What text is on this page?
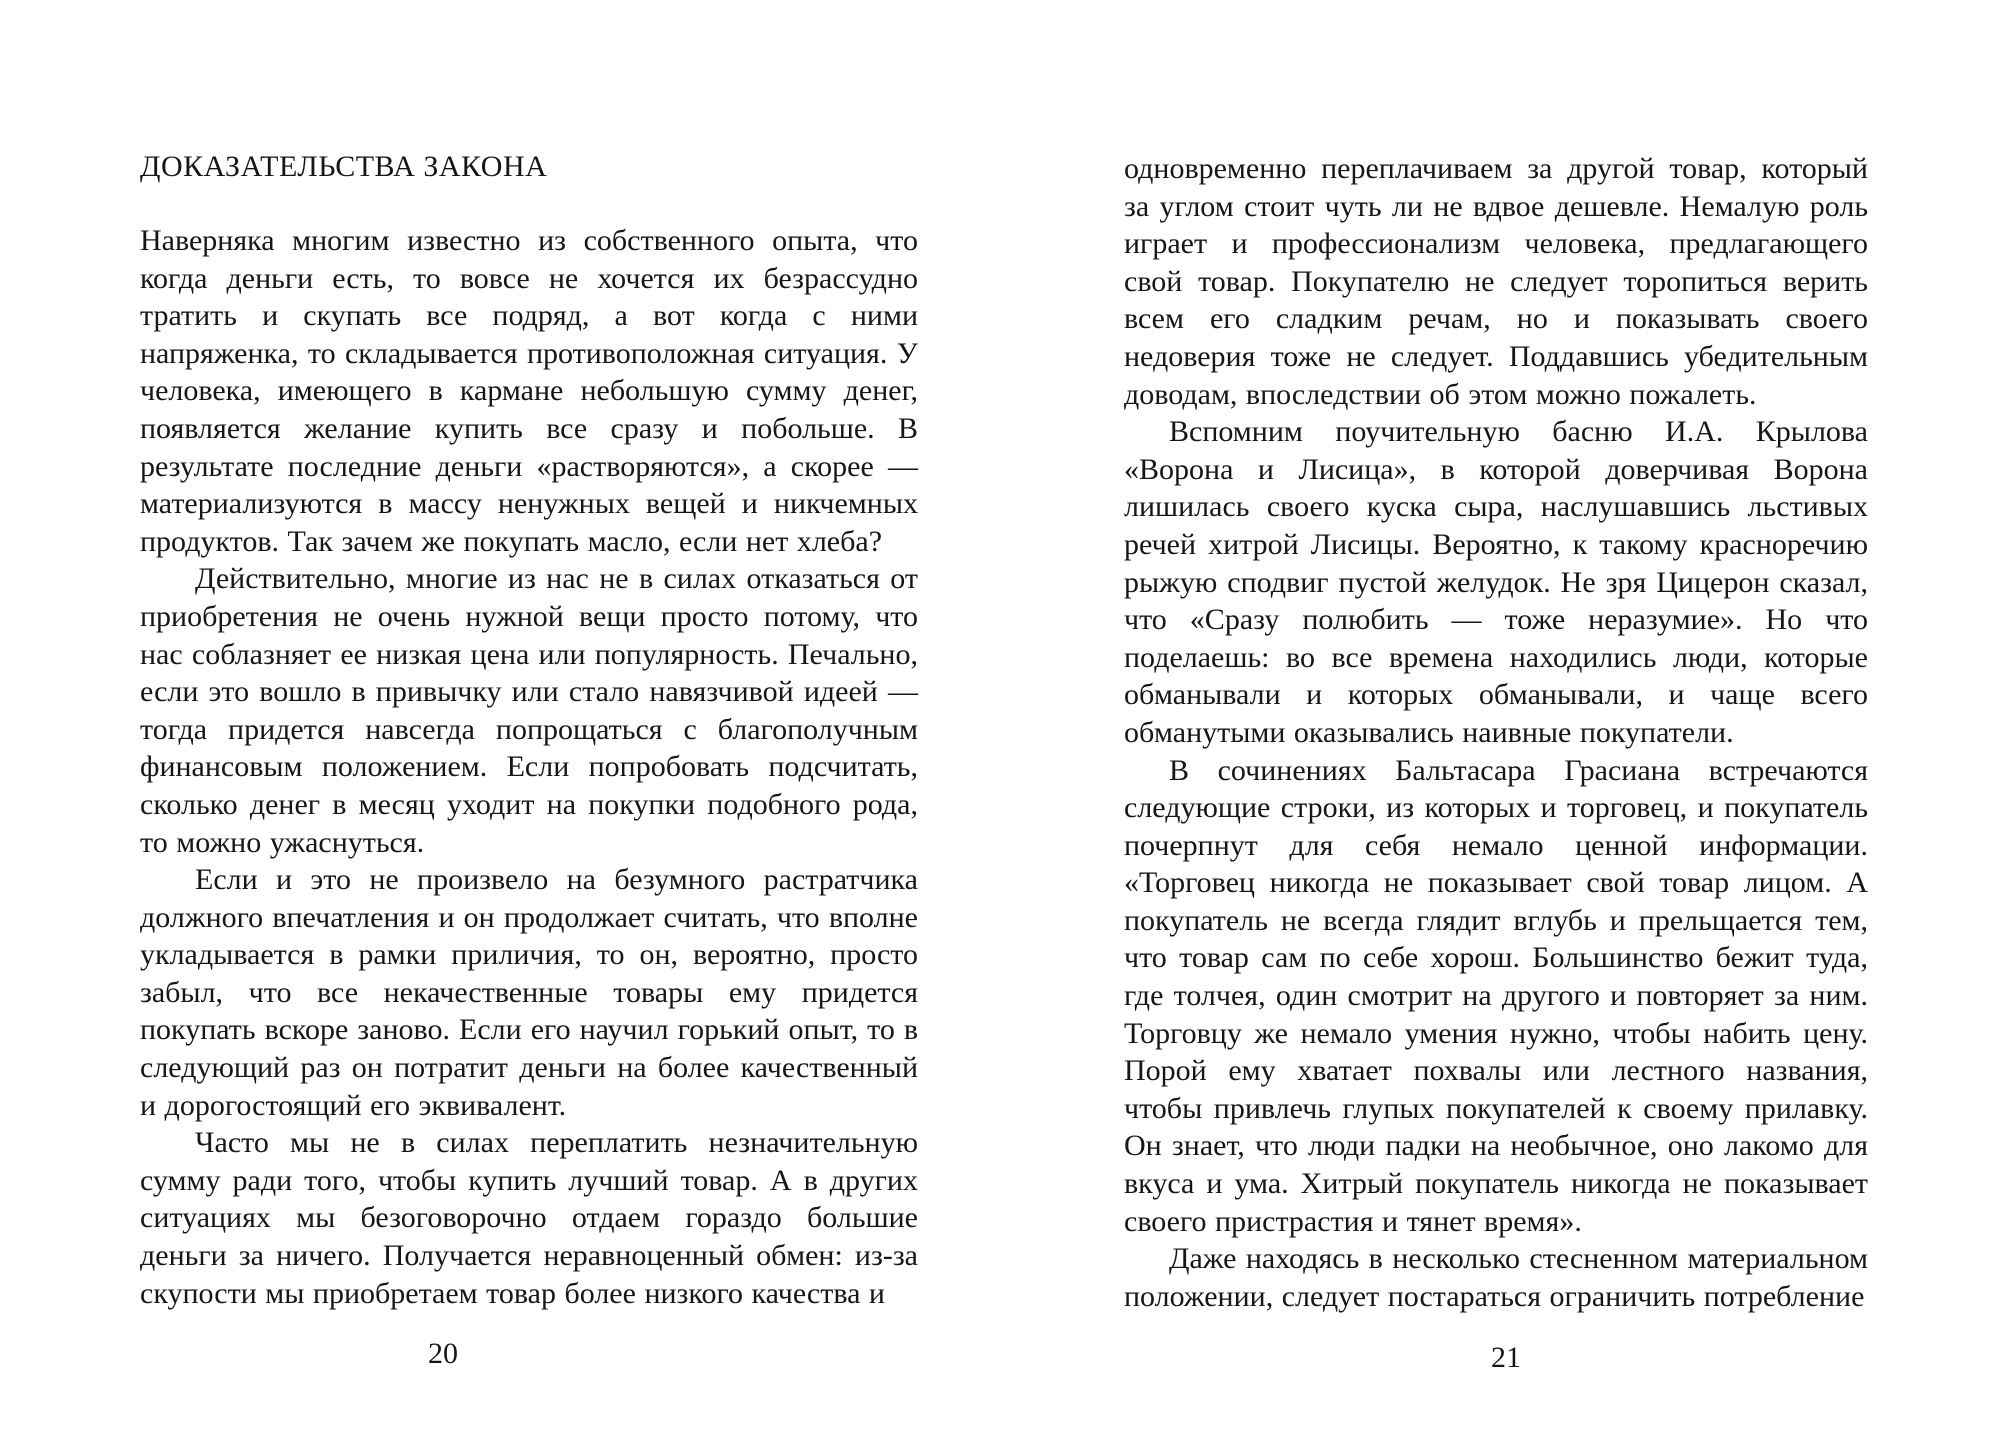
ДОКАЗАТЕЛЬСТВА ЗАКОНА

Наверняка многим известно из собственного опыта, что когда деньги есть, то вовсе не хочется их безрассудно тратить и скупать все подряд, а вот когда с ними напряженка, то складывается противоположная ситуация. У человека, имеющего в кармане небольшую сумму денег, появляется желание купить все сразу и побольше. В результате последние деньги «растворяются», а скорее — материализуются в массу ненужных вещей и никчемных продуктов. Так зачем же покупать масло, если нет хлеба?

Действительно, многие из нас не в силах отказаться от приобретения не очень нужной вещи просто потому, что нас соблазняет ее низкая цена или популярность. Печально, если это вошло в привычку или стало навязчивой идеей — тогда придется навсегда попрощаться с благополучным финансовым положением. Если попробовать подсчитать, сколько денег в месяц уходит на покупки подобного рода, то можно ужаснуться.

Если и это не произвело на безумного растратчика должного впечатления и он продолжает считать, что вполне укладывается в рамки приличия, то он, вероятно, просто забыл, что все некачественные товары ему придется покупать вскоре заново. Если его научил горький опыт, то в следующий раз он потратит деньги на более качественный и дорогостоящий его эквивалент.

Часто мы не в силах переплатить незначительную сумму ради того, чтобы купить лучший товар. А в других ситуациях мы безоговорочно отдаем гораздо большие деньги за ничего. Получается неравноценный обмен: из-за скупости мы приобретаем товар более низкого качества и

одновременно переплачиваем за другой товар, который за углом стоит чуть ли не вдвое дешевле. Немалую роль играет и профессионализм человека, предлагающего свой товар. Покупателю не следует торопиться верить всем его сладким речам, но и показывать своего недоверия тоже не следует. Поддавшись убедительным доводам, впоследствии об этом можно пожалеть.

Вспомним поучительную басню И.А. Крылова «Ворона и Лисица», в которой доверчивая Ворона лишилась своего куска сыра, наслушавшись льстивых речей хитрой Лисицы. Вероятно, к такому красноречию рыжую сподвиг пустой желудок. Не зря Цицерон сказал, что «Сразу полюбить — тоже неразумие». Но что поделаешь: во все времена находились люди, которые обманывали и которых обманывали, и чаще всего обманутыми оказывались наивные покупатели.

В сочинениях Бальтасара Грасиана встречаются следующие строки, из которых и торговец, и покупатель почерпнут для себя немало ценной информации. «Торговец никогда не показывает свой товар лицом. А покупатель не всегда глядит вглубь и прельщается тем, что товар сам по себе хорош. Большинство бежит туда, где толчея, один смотрит на другого и повторяет за ним. Торговцу же немало умения нужно, чтобы набить цену. Порой ему хватает похвалы или лестного названия, чтобы привлечь глупых покупателей к своему прилавку. Он знает, что люди падки на необычное, оно лакомо для вкуса и ума. Хитрый покупатель никогда не показывает своего пристрастия и тянет время».

Даже находясь в несколько стесненном материальном положении, следует постараться ограничить потребление

20	21
